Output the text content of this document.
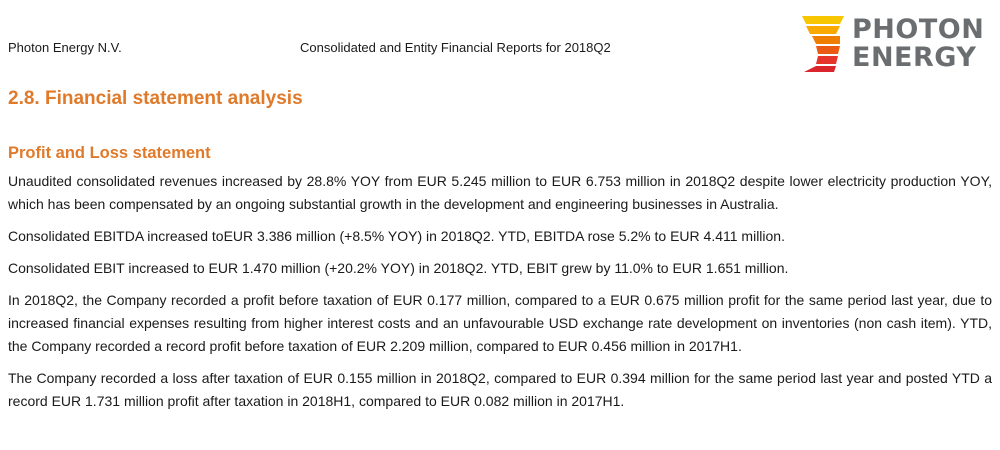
Photon Energy N.V.	Consolidated and Entity Financial Reports for 2018Q2
PHOTON
ENERGY
2.8. Financial statement analysis
Profit and Loss statement

Unaudited consolidated revenues increased by 28.8% YOY from EUR 5.245 million to EUR 6.753 million in 2018Q2 despite lower electricity production YOY, which has been compensated by an ongoing substantial growth in the development and engineering businesses in Australia.

Consolidated EBITDA increased toEUR 3.386 million (+8.5% YOY) in 2018Q2. YTD, EBITDA rose 5.2% to EUR 4.411 million.

Consolidated EBIT increased to EUR 1.470 million (+20.2% YOY) in 2018Q2. YTD, EBIT grew by 11.0% to EUR 1.651 million.

In 2018Q2, the Company recorded a profit before taxation of EUR 0.177 million, compared to a EUR 0.675 million profit for the same period last year, due to increased financial expenses resulting from higher interest costs and an unfavourable USD exchange rate development on inventories (non cash item). YTD, the Company recorded a record profit before taxation of EUR 2.209 million, compared to EUR 0.456 million in 2017H1.

The Company recorded a loss after taxation of EUR 0.155 million in 2018Q2, compared to EUR 0.394 million for the same period last year and posted YTD a record EUR 1.731 million profit after taxation in 2018H1, compared to EUR 0.082 million in 2017H1.
